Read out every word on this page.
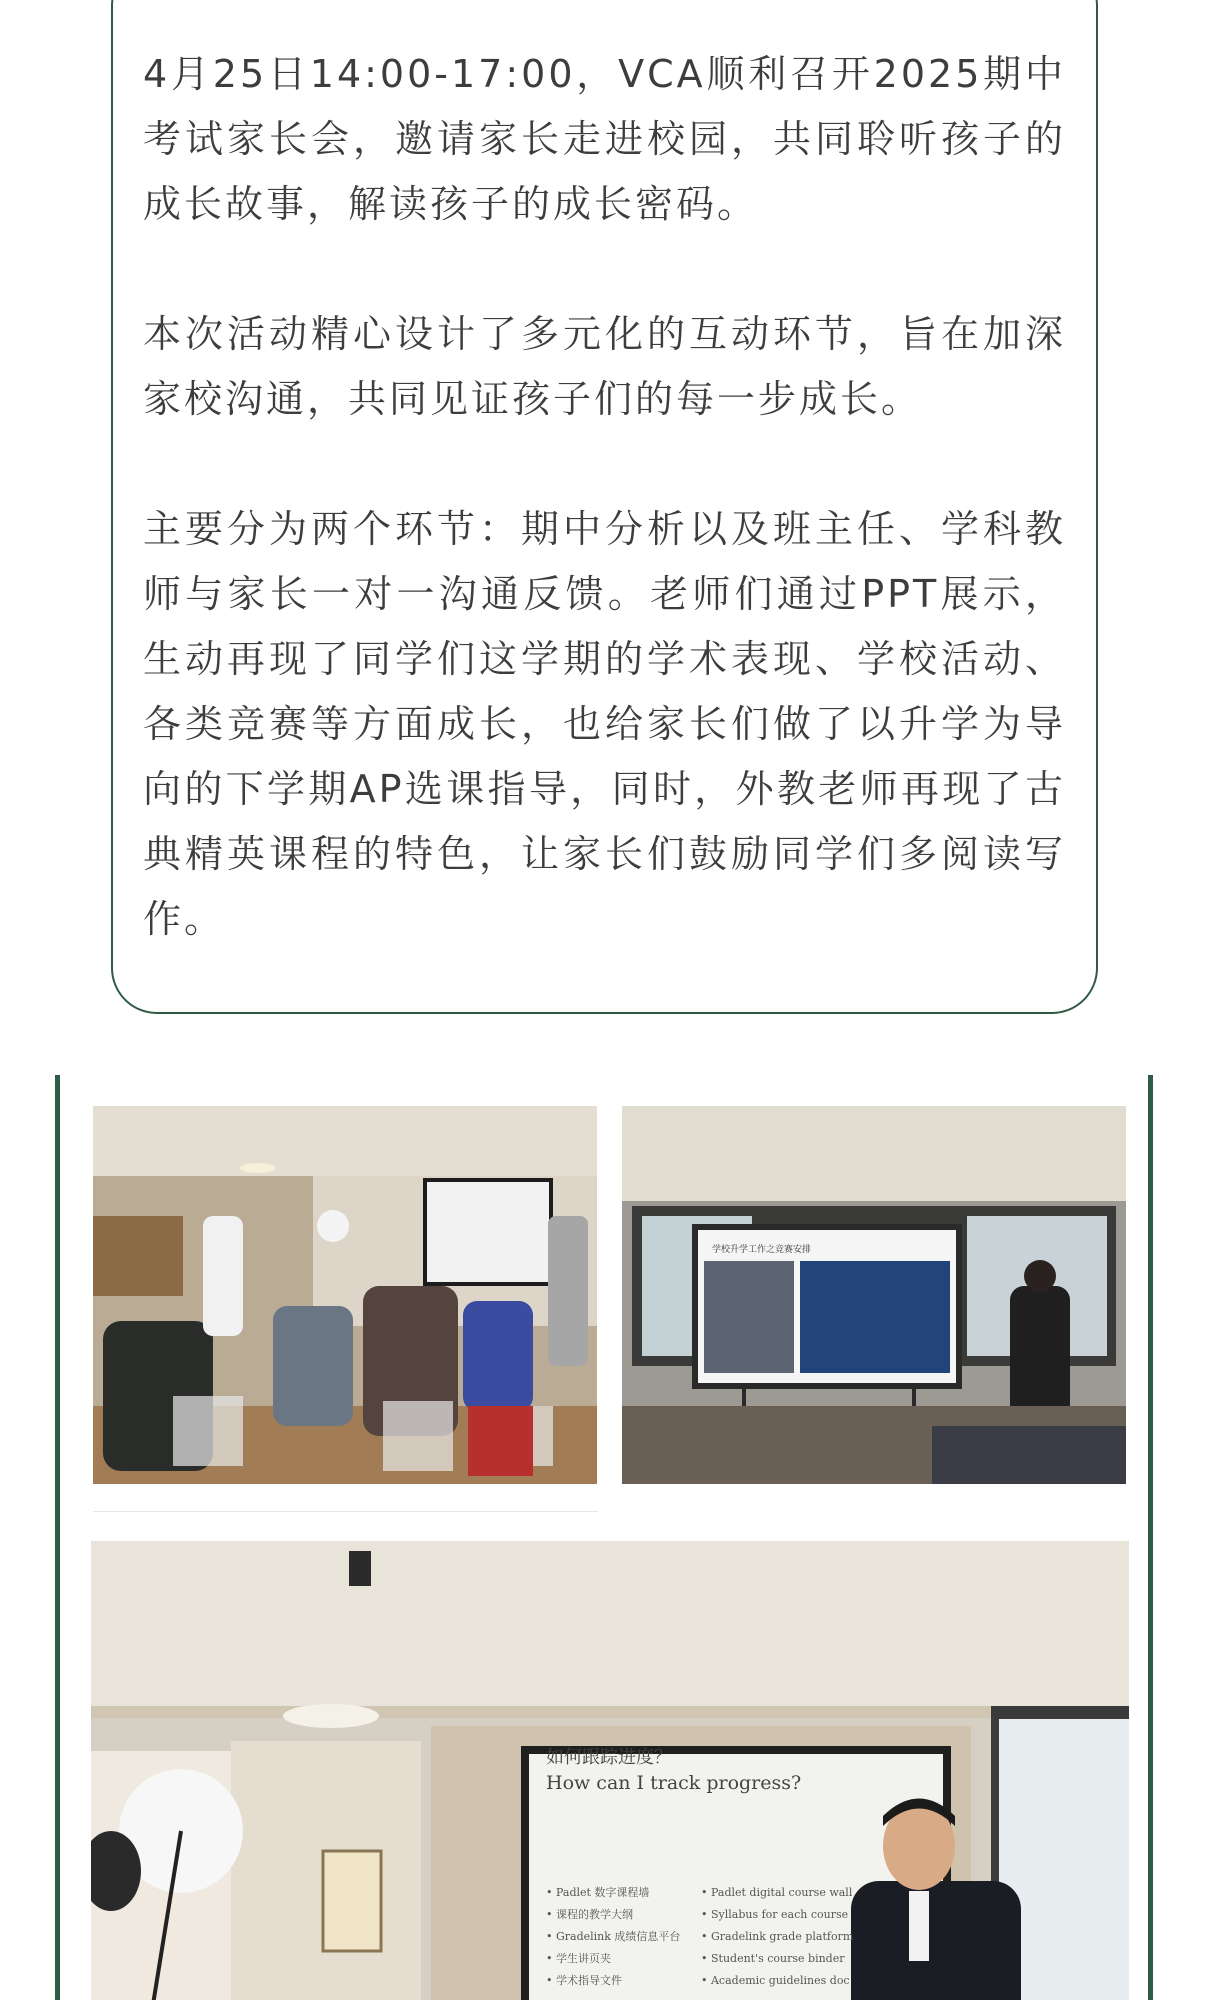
4月25日14:00-17:00，VCA顺利召开2025期中考试家长会，邀请家长走进校园，共同聆听孩子的成长故事，解读孩子的成长密码。

本次活动精心设计了多元化的互动环节，旨在加深家校沟通，共同见证孩子们的每一步成长。

主要分为两个环节：期中分析以及班主任、学科教师与家长一对一沟通反馈。老师们通过PPT展示，生动再现了同学们这学期的学术表现、学校活动、各类竞赛等方面成长，也给家长们做了以升学为导向的下学期AP选课指导，同时，外教老师再现了古典精英课程的特色，让家长们鼓励同学们多阅读写作。

学校升学工作之竞赛安排
如何跟踪进度？
How can I track progress?
• Padlet 数字课程墙
• 课程的教学大纲
• Gradelink 成绩信息平台
• 学生讲页夹
• 学术指导文件
• Padlet digital course wall
• Syllabus for each course
• Gradelink grade platform
• Student's course binder
• Academic guidelines doc
